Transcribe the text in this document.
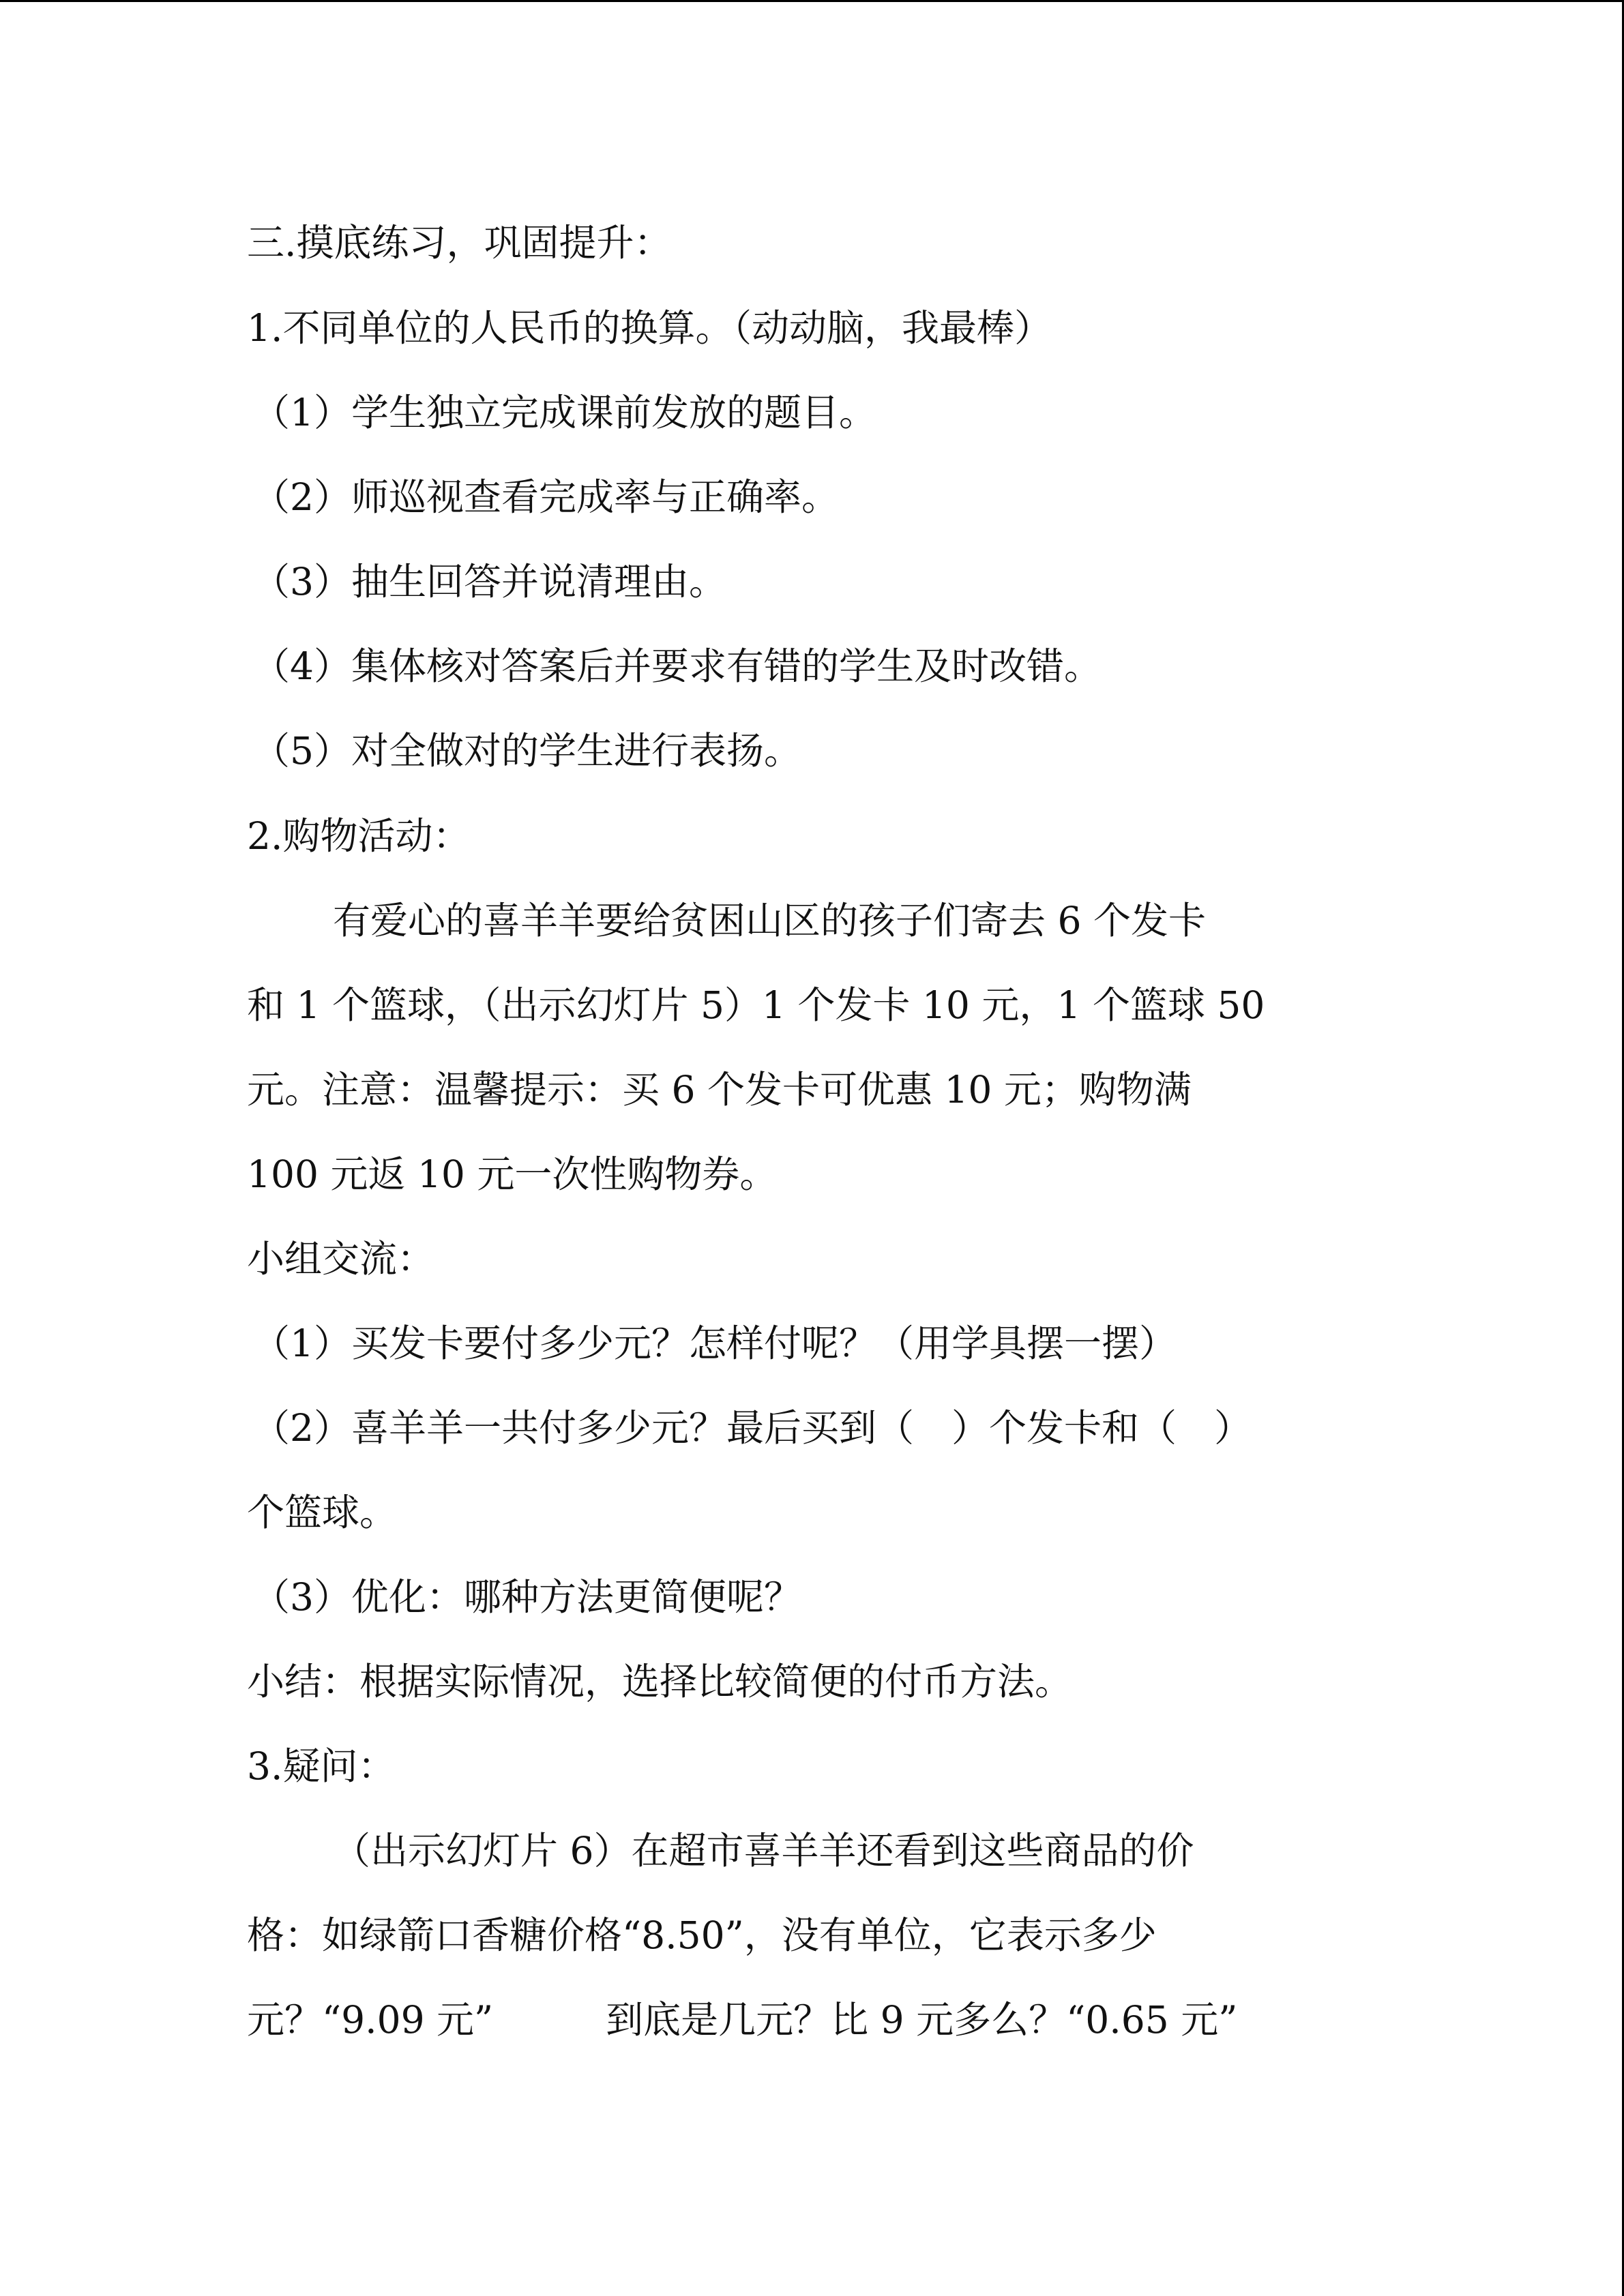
三.摸底练习，巩固提升：

1.不同单位的人民币的换算。（动动脑，我最棒）

（1）学生独立完成课前发放的题目。

（2）师巡视查看完成率与正确率。

（3）抽生回答并说清理由。

（4）集体核对答案后并要求有错的学生及时改错。

（5）对全做对的学生进行表扬。

2.购物活动：

有爱心的喜羊羊要给贫困山区的孩子们寄去 6 个发卡

和 1 个篮球，（出示幻灯片 5）1 个发卡 10 元，1 个篮球 50

元。注意：温馨提示：买 6 个发卡可优惠 10 元；购物满

100 元返 10 元一次性购物券。

小组交流：

（1）买发卡要付多少元？怎样付呢？（用学具摆一摆）

（2）喜羊羊一共付多少元？最后买到（　）个发卡和（　）

个篮球。

（3）优化：哪种方法更简便呢？

小结：根据实际情况，选择比较简便的付币方法。

3.疑问：

（出示幻灯片 6）在超市喜羊羊还看到这些商品的价

格：如绿箭口香糖价格“8.50”，没有单位，它表示多少

元？“9.09 元”　　　到底是几元？比 9 元多么？“0.65 元”
